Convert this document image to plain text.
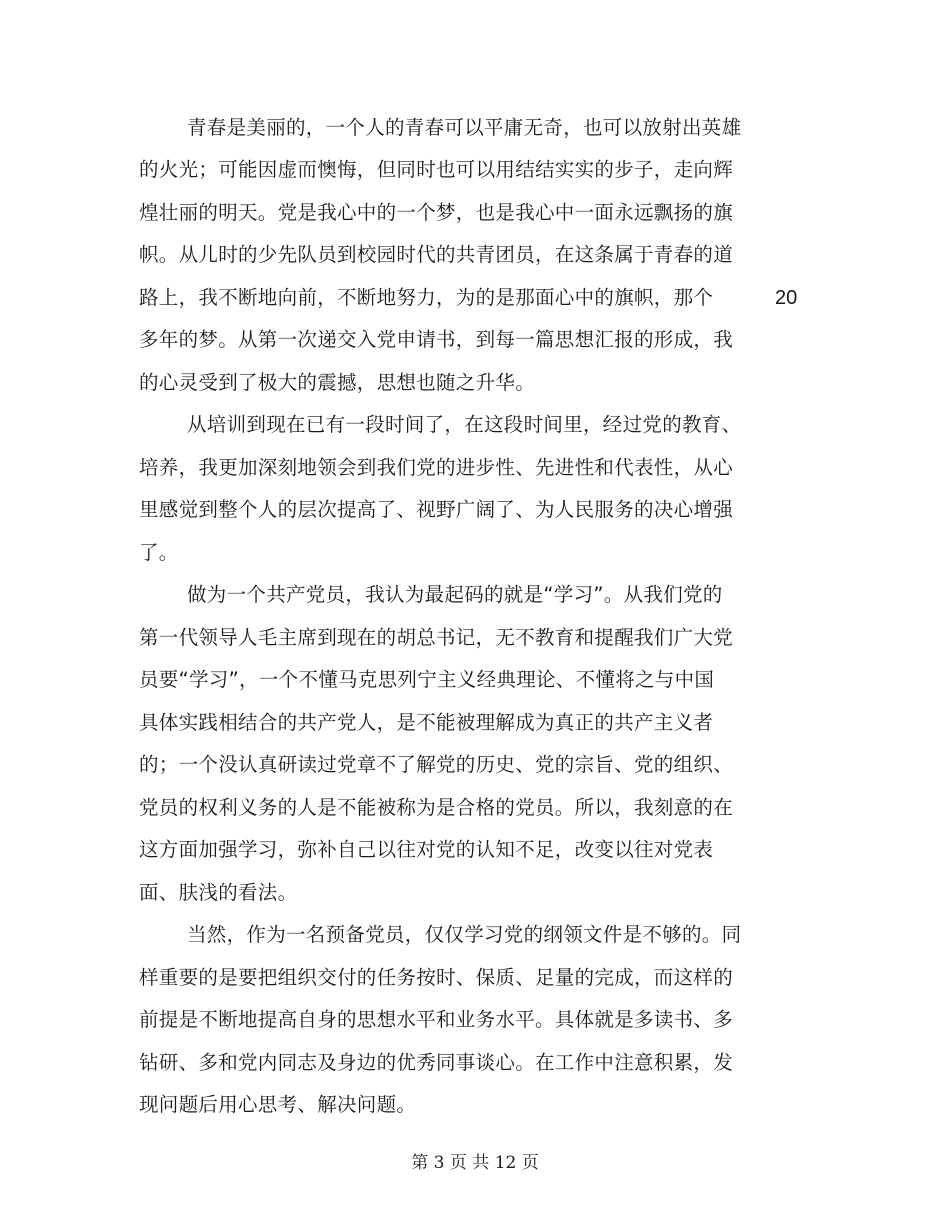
青春是美丽的，一个人的青春可以平庸无奇，也可以放射出英雄
的火光；可能因虚而懊悔，但同时也可以用结结实实的步子，走向辉
煌壮丽的明天。党是我心中的一个梦，也是我心中一面永远飘扬的旗
帜。从儿时的少先队员到校园时代的共青团员，在这条属于青春的道
路上，我不断地向前，不断地努力，为的是那面心中的旗帜，那个
多年的梦。从第一次递交入党申请书，到每一篇思想汇报的形成，我
的心灵受到了极大的震撼，思想也随之升华。
从培训到现在已有一段时间了，在这段时间里，经过党的教育、
培养，我更加深刻地领会到我们党的进步性、先进性和代表性，从心
里感觉到整个人的层次提高了、视野广阔了、为人民服务的决心增强
了。
做为一个共产党员，我认为最起码的就是“学习”。从我们党的
第一代领导人毛主席到现在的胡总书记，无不教育和提醒我们广大党
员要“学习”，一个不懂马克思列宁主义经典理论、不懂将之与中国
具体实践相结合的共产党人，是不能被理解成为真正的共产主义者
的；一个没认真研读过党章不了解党的历史、党的宗旨、党的组织、
党员的权利义务的人是不能被称为是合格的党员。所以，我刻意的在
这方面加强学习，弥补自己以往对党的认知不足，改变以往对党表
面、肤浅的看法。
当然，作为一名预备党员，仅仅学习党的纲领文件是不够的。同
样重要的是要把组织交付的任务按时、保质、足量的完成，而这样的
前提是不断地提高自身的思想水平和业务水平。具体就是多读书、多
钻研、多和党内同志及身边的优秀同事谈心。在工作中注意积累，发
现问题后用心思考、解决问题。
20
第 3 页 共 12 页
